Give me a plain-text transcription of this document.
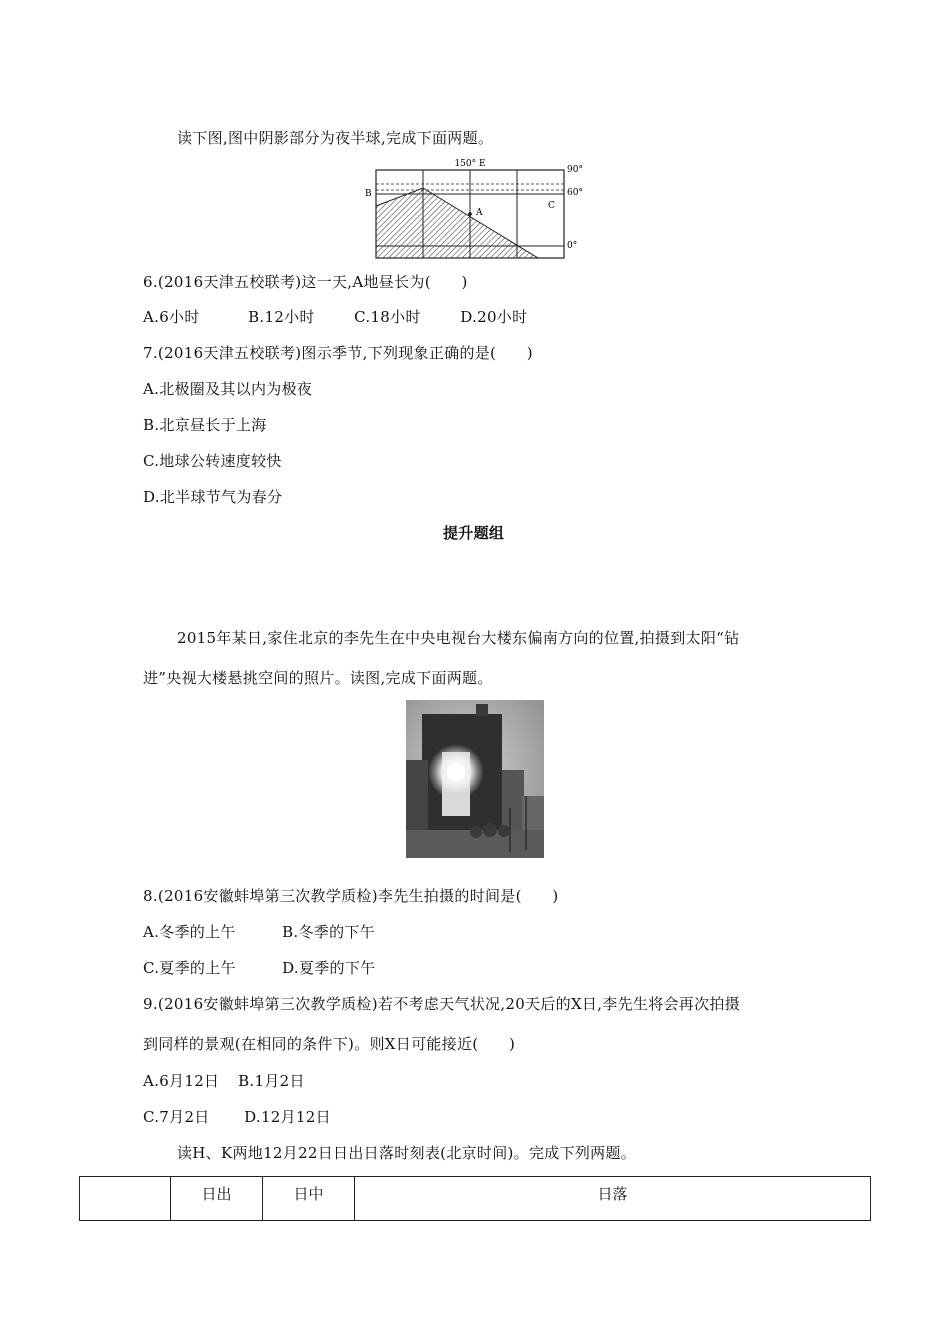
读下图,图中阴影部分为夜半球,完成下面两题。
150° E
90°
60°
0°
B
A
C
6.(2016天津五校联考)这一天,A地昼长为(　　)
A.6小时	B.12小时	C.18小时	D.20小时
7.(2016天津五校联考)图示季节,下列现象正确的是(　　)
A.北极圈及其以内为极夜
B.北京昼长于上海
C.地球公转速度较快
D.北半球节气为春分
提升题组
2015年某日,家住北京的李先生在中央电视台大楼东偏南方向的位置,拍摄到太阳“钻
进”央视大楼悬挑空间的照片。读图,完成下面两题。
8.(2016安徽蚌埠第三次教学质检)李先生拍摄的时间是(　　)
A.冬季的上午	B.冬季的下午
C.夏季的上午	D.夏季的下午
9.(2016安徽蚌埠第三次教学质检)若不考虑天气状况,20天后的X日,李先生将会再次拍摄
到同样的景观(在相同的条件下)。则X日可能接近(　　)
A.6月12日 B.1月2日
C.7月2日 D.12月12日
读H、K两地12月22日日出日落时刻表(北京时间)。完成下列两题。
	日出	日中	日落
